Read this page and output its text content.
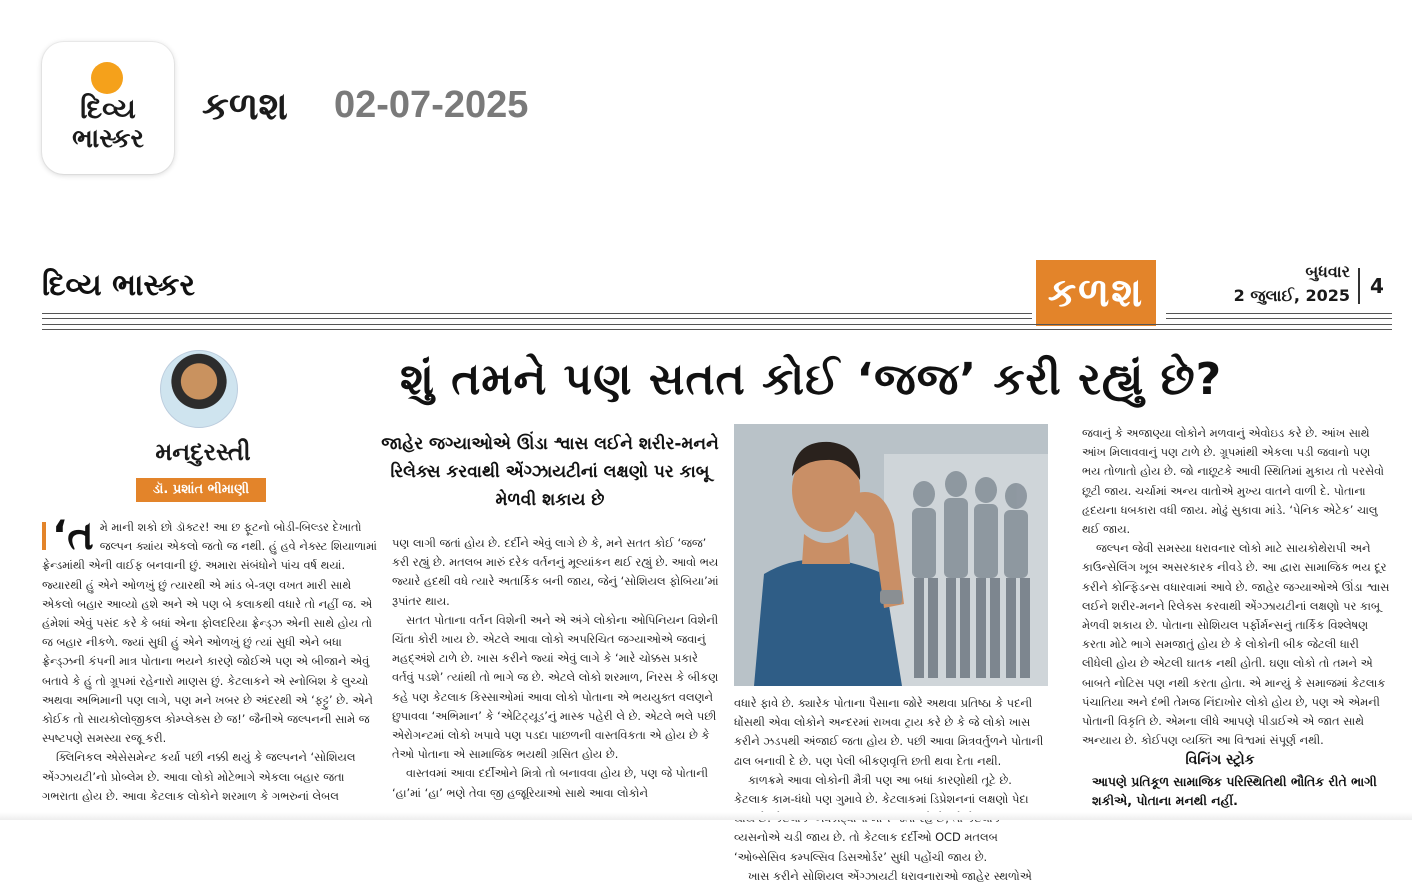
દિવ્ય
ભાસ્કર
કળશ 02-07-2025
દિવ્ય ભાસ્કર	કળશ	બુધવાર
2 જુલાઈ, 2025 4
મનદુરસ્તી
ડૉ. પ્રશાંત ભીમાણી
શું તમને પણ સતત કોઈ ‘જજ’ કરી રહ્યું છે?
જાહેર જગ્યાઓએ ઊંડા શ્વાસ લઈને શરીર-મનને રિલેક્સ કરવાથી એંગ્ઝાયટીનાં લક્ષણો પર કાબૂ મેળવી શકાય છે
‘ત મે માની શકો છો ડૉક્ટર! આ છ ફૂટનો બોડી-બિલ્ડર દેખાતો જલ્પન ક્યાંય એકલો જતો જ નથી. હું હવે નેક્સ્ટ શિયાળામાં ફ્રેન્ડમાંથી એની વાઈફ બનવાની છું. અમારા સંબંધોને પાંચ વર્ષ થયાં. જ્યારથી હું એને ઓળખું છું ત્યારથી એ માંડ બે-ત્રણ વખત મારી સાથે એકલો બહાર આવ્યો હશે અને એ પણ બે કલાકથી વધારે તો નહીં જ. એ હંમેશાં એવું પસંદ કરે કે બધાં એના ફોલદરિયા ફ્રેન્ડ્ઝ એની સાથે હોય તો જ બહાર નીકળે. જ્યાં સુધી હું એને ઓળખું છું ત્યાં સુધી એને બધા ફ્રેન્ડ્ઝની કંપની માત્ર પોતાના ભયને કારણે જોઈએ પણ એ બીજાને એવું બતાવે કે હું તો ગ્રૂપમાં રહેનારો માણસ છું. કેટલાકને એ સ્નોબિશ કે લુચ્ચો અથવા અભિમાની પણ લાગે, પણ મને ખબર છે અંદરથી એ ‘ફટ્ટુ’ છે. એને કોઈક તો સાયકોલોજીકલ કોમ્પ્લેક્સ છે જ!’ જૈનીએ જલ્પનની સામે જ સ્પષ્ટપણે સમસ્યા રજૂ કરી.

ક્લિનિકલ એસેસમેન્ટ કર્યા પછી નક્કી થયું કે જલ્પનને ‘સોશિયલ એંગ્ઝાયટી’નો પ્રોબ્લેમ છે. આવા લોકો મોટેભાગે એકલા બહાર જતા ગભરાતા હોય છે. આવા કેટલાક લોકોને શરમાળ કે ગભરુનાં લેબલ

પણ લાગી જતાં હોય છે. દર્દીને એવું લાગે છે કે, મને સતત કોઈ ‘જજ’ કરી રહ્યું છે. મતલબ મારું દરેક વર્તનનું મૂલ્યાંકન થઈ રહ્યું છે. આવો ભય જ્યારે હદથી વધે ત્યારે અતાર્કિક બની જાય, જેનું ‘સોશિયલ ફોબિયા’માં રૂપાંતર થાય.

સતત પોતાના વર્તન વિશેની અને એ અંગે લોકોના ઓપિનિયન વિશેની ચિંતા કોરી ખાય છે. એટલે આવા લોકો અપરિચિત જગ્યાઓએ જવાનું મહદ્અંશે ટાળે છે. ખાસ કરીને જ્યાં એવું લાગે કે ‘મારે ચોક્કસ પ્રકારે વર્તવું પડશે’ ત્યાંથી તો ભાગે જ છે. એટલે લોકો શરમાળ, નિરસ કે બીકણ કહે પણ કેટલાક કિસ્સાઓમાં આવા લોકો પોતાના એ ભયયુક્ત વલણને છુપાવવા ‘અભિમાન’ કે ‘એટિટ્યૂડ’નું માસ્ક પહેરી લે છે. એટલે ભલે પછી એરોગન્ટમાં લોકો ખપાવે પણ પડદા પાછળની વાસ્તવિકતા એ હોય છે કે તેઓ પોતાના એ સામાજિક ભયથી ગ્રસિત હોય છે.

વાસ્તવમાં આવા દર્દીઓને મિત્રો તો બનાવવા હોય છે, પણ જે પોતાની ‘હા’માં ‘હા’ ભણે તેવા જી હજૂરિયાઓ સાથે આવા લોકોને

વધારે ફાવે છે. ક્યારેક પોતાના પૈસાના જોરે અથવા પ્રતિષ્ઠા કે પદની ધોંસથી એવા લોકોને અન્દરમાં રાખવા ટ્રાય કરે છે કે જે લોકો ખાસ કરીને ઝડપથી અંજાઈ જતા હોય છે. પછી આવા મિત્રવર્તુળને પોતાની ઢાલ બનાવી દે છે. પણ પેલી બીકણવૃત્તિ છતી થવા દેતા નથી.

કાળક્રમે આવા લોકોની મૈત્રી પણ આ બધાં કારણોથી તૂટે છે. કેટલાક કામ-ધંધો પણ ગુમાવે છે. કેટલાકમાં ડિપ્રેશનનાં લક્ષણો પેદા વ્યસનોએ ચડી જાય છે. તો કેટલાક દર્દીઓ OCD મતલબ ‘ઓબ્સેસિવ કમ્પલ્સિવ ડિસઓર્ડર’ સુધી પહોંચી જાય છે.

ખાસ કરીને સોશિયલ એંગ્ઝાયટી ધરાવનારાઓ જાહેર સ્થળોએ

જવાનું કે અજાણ્યા લોકોને મળવાનું એવોઇડ કરે છે. આંખ સાથે આંખ મિલાવવાનું પણ ટાળે છે. ગ્રૂપમાંથી એકલા પડી જવાનો પણ ભય તોળાતો હોય છે. જો નાછૂટકે આવી સ્થિતિમાં મુકાય તો પરસેવો છૂટી જાય. ચર્ચામાં અન્ય વાતોએ મુખ્ય વાતને વાળી દે. પોતાના હૃદયના ધબકારા વધી જાય. મોઢું સુકાવા માંડે. ‘પેનિક એટેક’ ચાલુ થઈ જાય.

જલ્પન જેવી સમસ્યા ધરાવનાર લોકો માટે સાયકોથેરાપી અને કાઉન્સેલિંગ ખૂબ અસરકારક નીવડે છે. આ દ્વારા સામાજિક ભય દૂર કરીને કોન્ફિડન્સ વધારવામાં આવે છે. જાહેર જગ્યાઓએ ઊંડા શ્વાસ લઈને શરીર-મનને રિલેક્સ કરવાથી એંગ્ઝાયટીનાં લક્ષણો પર કાબૂ મેળવી શકાય છે. પોતાના સોશિયલ પર્ફોર્મન્સનું તાર્કિક વિશ્લેષણ કરતા મોટે ભાગે સમજાતું હોય છે કે લોકોની બીક જેટલી ધારી લીધેલી હોય છે એટલી ઘાતક નથી હોતી. ઘણા લોકો તો તમને એ બાબતે નોટિસ પણ નથી કરતા હોતા. એ માન્યું કે સમાજમાં કેટલાક પંચાતિયા અને દંભી તેમજ નિંદાખોર લોકો હોય છે, પણ એ એમની પોતાની વિકૃતિ છે. એમના લીધે આપણે પીડાઈએ એ જાત સાથે અન્યાય છે. કોઈપણ વ્યક્તિ આ વિશ્વમાં સંપૂર્ણ નથી.

વિનિંગ સ્ટ્રોક
આપણે પ્રતિકૂળ સામાજિક પરિસ્થિતિથી ભૌતિક રીતે ભાગી શકીએ, પોતાના મનથી નહીં.
